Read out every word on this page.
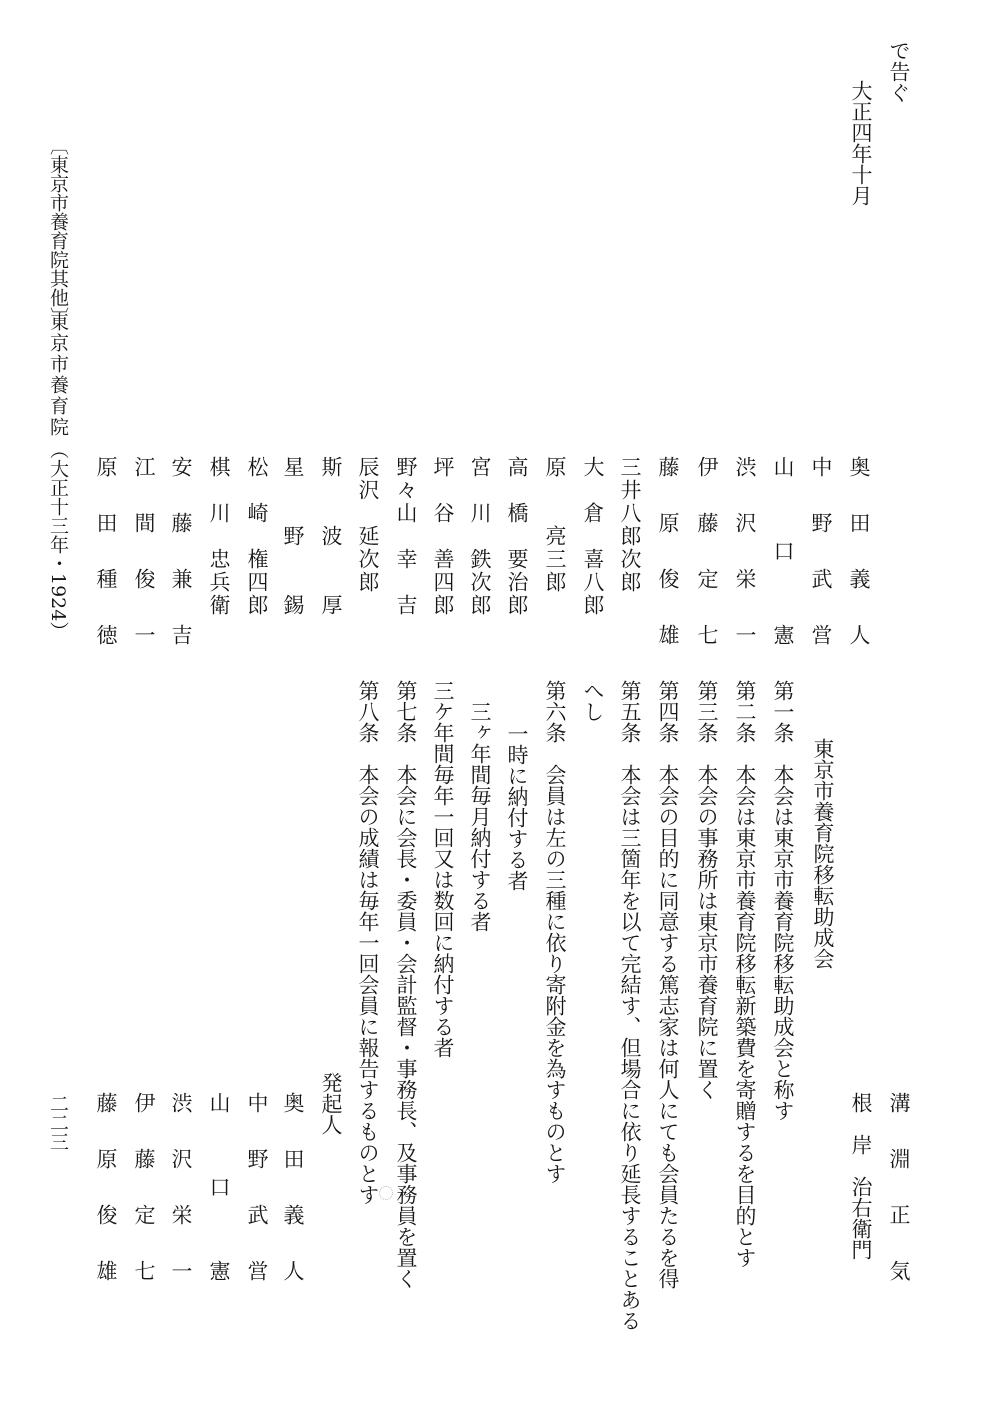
で告ぐ
大正四年十月
溝　淵　正　気
根　岸　治右衛門
東京市養育院移転助成会
第一条　本会は東京市養育院移転助成会と称す
第二条　本会は東京市養育院移転新築費を寄贈するを目的とす
第三条　本会の事務所は東京市養育院に置く
第四条　本会の目的に同意する篤志家は何人にても会員たるを得
第五条　本会は三箇年を以て完結す、但場合に依り延長することある
へし
第六条　会員は左の三種に依り寄附金を為すものとす
一時に納付する者
三ヶ年間毎月納付する者
三ケ年間毎年一回又は数回に納付する者
第七条　本会に会長・委員・会計監督・事務長、及事務員を置く
第八条　本会の成績は毎年一回会員に報告するものとす
発起人
奥　田　義　人
中　野　武　営
山　　口　　憲
渋　沢　栄　一
伊　藤　定　七
藤　原　俊　雄
奥　田　義　人
中　野　武　営
山　　口　　憲
渋　沢　栄　一
伊　藤　定　七
藤　原　俊　雄
三井八郎次郎
大　倉　喜八郎
原　　亮三郎
高　橋　要治郎
宮　川　鉄次郎
坪　谷　善四郎
野々山　幸　吉
辰沢　延次郎
斯　　波　　厚
星　　野　　錫
松　崎　権四郎
棋　川　忠兵衛
安　藤　兼　吉
江　間　俊　一
原　田　種　徳
〔東京市養育院其他〕
東京市養育院
（大正十三年・1924）
二二三
